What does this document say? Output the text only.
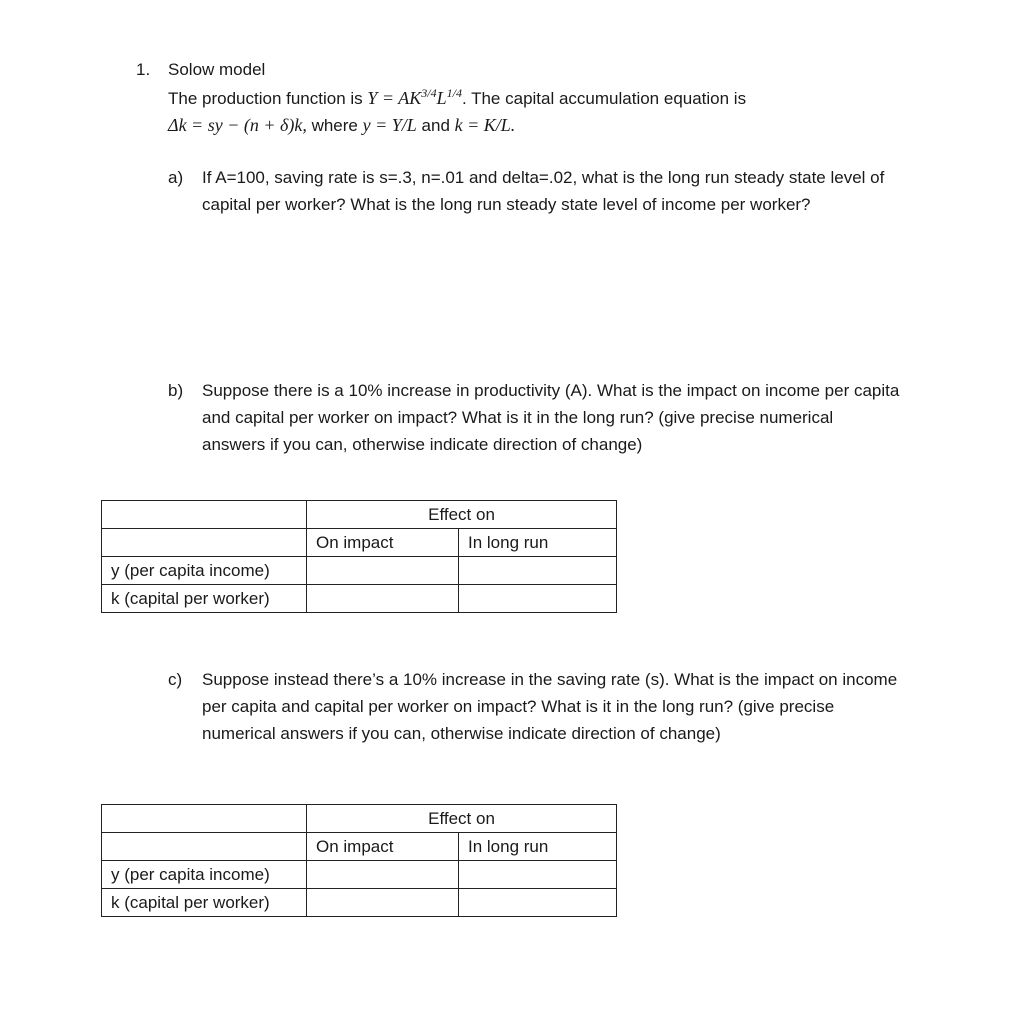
1. Solow model
The production function is $Y = AK^{3/4}L^{1/4}$. The capital accumulation equation is
Δk = sy − (n + δ)k, where y = Y/L and k = K/L.
a) If A=100, saving rate is s=.3, n=.01 and delta=.02, what is the long run steady state level of
capital per worker? What is the long run steady state level of income per worker?
b) Suppose there is a 10% increase in productivity (A). What is the impact on income per capita
and capital per worker on impact? What is it in the long run? (give precise numerical
answers if you can, otherwise indicate direction of change)
	Effect on	
	On impact	In long run
y (per capita income)		
k (capital per worker)		
c) Suppose instead there’s a 10% increase in the saving rate (s). What is the impact on income
per capita and capital per worker on impact? What is it in the long run? (give precise
numerical answers if you can, otherwise indicate direction of change)
	Effect on	
	On impact	In long run
y (per capita income)		
k (capital per worker)		
